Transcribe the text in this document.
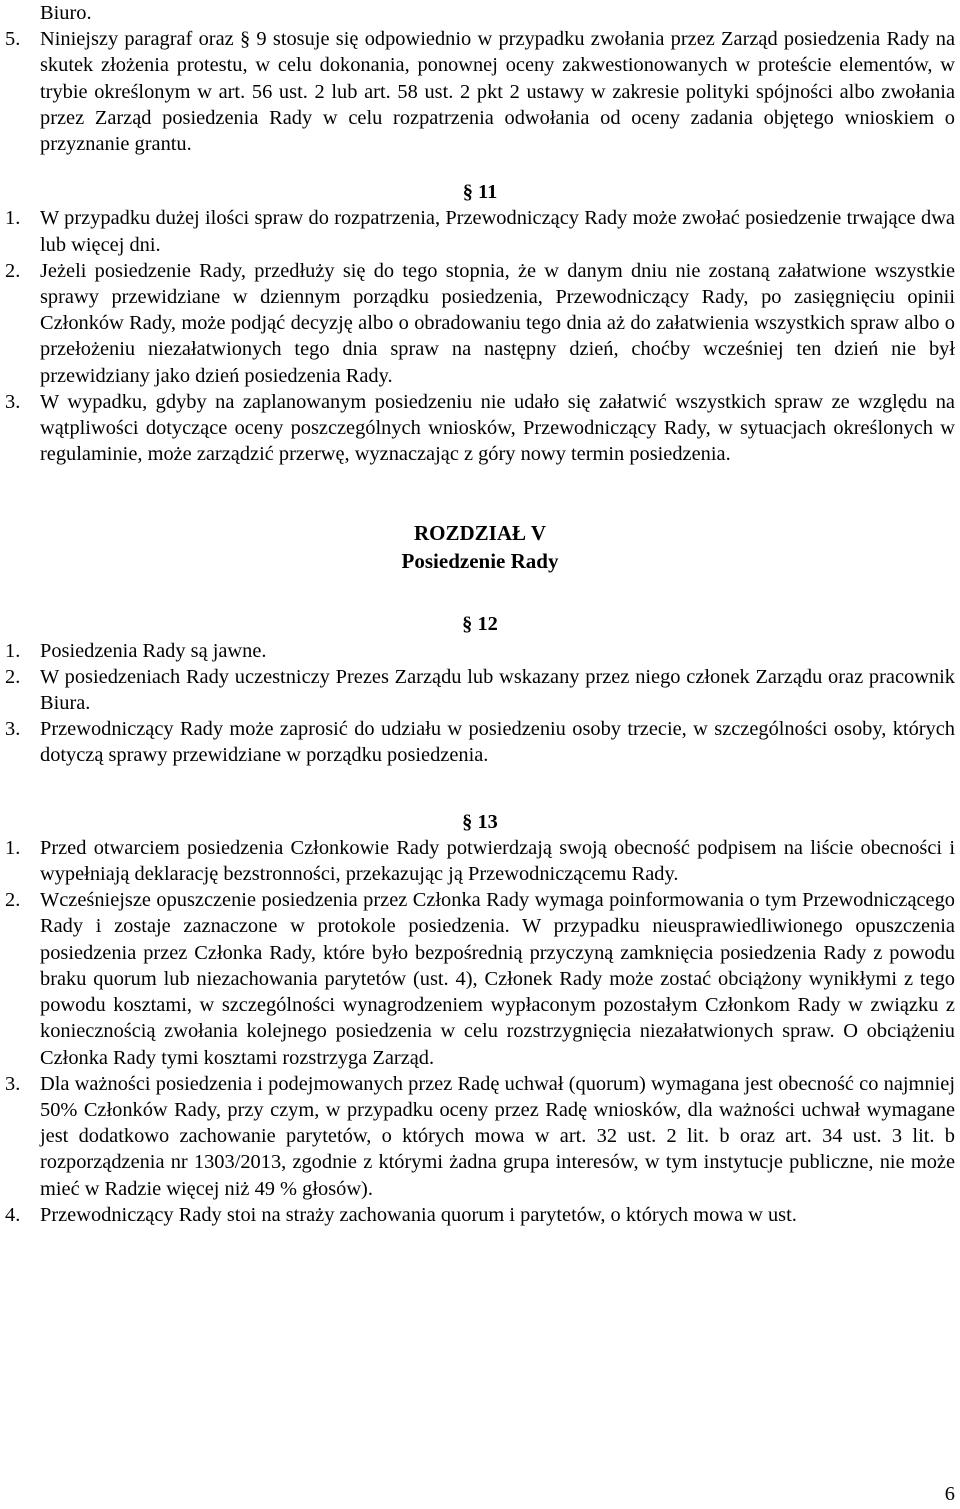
Biuro.

5. Niniejszy paragraf oraz § 9 stosuje się odpowiednio w przypadku zwołania przez Zarząd posiedzenia Rady na skutek złożenia protestu, w celu dokonania, ponownej oceny zakwestionowanych w proteście elementów, w trybie określonym w art. 56 ust. 2 lub art. 58 ust. 2 pkt 2 ustawy w zakresie polityki spójności albo zwołania przez Zarząd posiedzenia Rady w celu rozpatrzenia odwołania od oceny zadania objętego wnioskiem o przyznanie grantu.

§ 11

1. W przypadku dużej ilości spraw do rozpatrzenia, Przewodniczący Rady może zwołać posiedzenie trwające dwa lub więcej dni.
2. Jeżeli posiedzenie Rady, przedłuży się do tego stopnia, że w danym dniu nie zostaną załatwione wszystkie sprawy przewidziane w dziennym porządku posiedzenia, Przewodniczący Rady, po zasięgnięciu opinii Członków Rady, może podjąć decyzję albo o obradowaniu tego dnia aż do załatwienia wszystkich spraw albo o przełożeniu niezałatwionych tego dnia spraw na następny dzień, choćby wcześniej ten dzień nie był przewidziany jako dzień posiedzenia Rady.
3. W wypadku, gdyby na zaplanowanym posiedzeniu nie udało się załatwić wszystkich spraw ze względu na wątpliwości dotyczące oceny poszczególnych wniosków, Przewodniczący Rady, w sytuacjach określonych w regulaminie, może zarządzić przerwę, wyznaczając z góry nowy termin posiedzenia.

ROZDZIAŁ V

Posiedzenie Rady

§ 12

1. Posiedzenia Rady są jawne.
2. W posiedzeniach Rady uczestniczy Prezes Zarządu lub wskazany przez niego członek Zarządu oraz pracownik Biura.
3. Przewodniczący Rady może zaprosić do udziału w posiedzeniu osoby trzecie, w szczególności osoby, których dotyczą sprawy przewidziane w porządku posiedzenia.

§ 13

1. Przed otwarciem posiedzenia Członkowie Rady potwierdzają swoją obecność podpisem na liście obecności i wypełniają deklarację bezstronności, przekazując ją Przewodniczącemu Rady.
2. Wcześniejsze opuszczenie posiedzenia przez Członka Rady wymaga poinformowania o tym Przewodniczącego Rady i zostaje zaznaczone w protokole posiedzenia. W przypadku nieusprawiedliwionego opuszczenia posiedzenia przez Członka Rady, które było bezpośrednią przyczyną zamknięcia posiedzenia Rady z powodu braku quorum lub niezachowania parytetów (ust. 4), Członek Rady może zostać obciążony wynikłymi z tego powodu kosztami, w szczególności wynagrodzeniem wypłaconym pozostałym Członkom Rady w związku z koniecznością zwołania kolejnego posiedzenia w celu rozstrzygnięcia niezałatwionych spraw. O obciążeniu Członka Rady tymi kosztami rozstrzyga Zarząd.
3. Dla ważności posiedzenia i podejmowanych przez Radę uchwał (quorum) wymagana jest obecność co najmniej 50% Członków Rady, przy czym, w przypadku oceny przez Radę wniosków, dla ważności uchwał wymagane jest dodatkowo zachowanie parytetów, o których mowa w art. 32 ust. 2 lit. b oraz art. 34 ust. 3 lit. b rozporządzenia nr 1303/2013, zgodnie z którymi żadna grupa interesów, w tym instytucje publiczne, nie może mieć w Radzie więcej niż 49 % głosów).
4. Przewodniczący Rady stoi na straży zachowania quorum i parytetów, o których mowa w ust.
6
